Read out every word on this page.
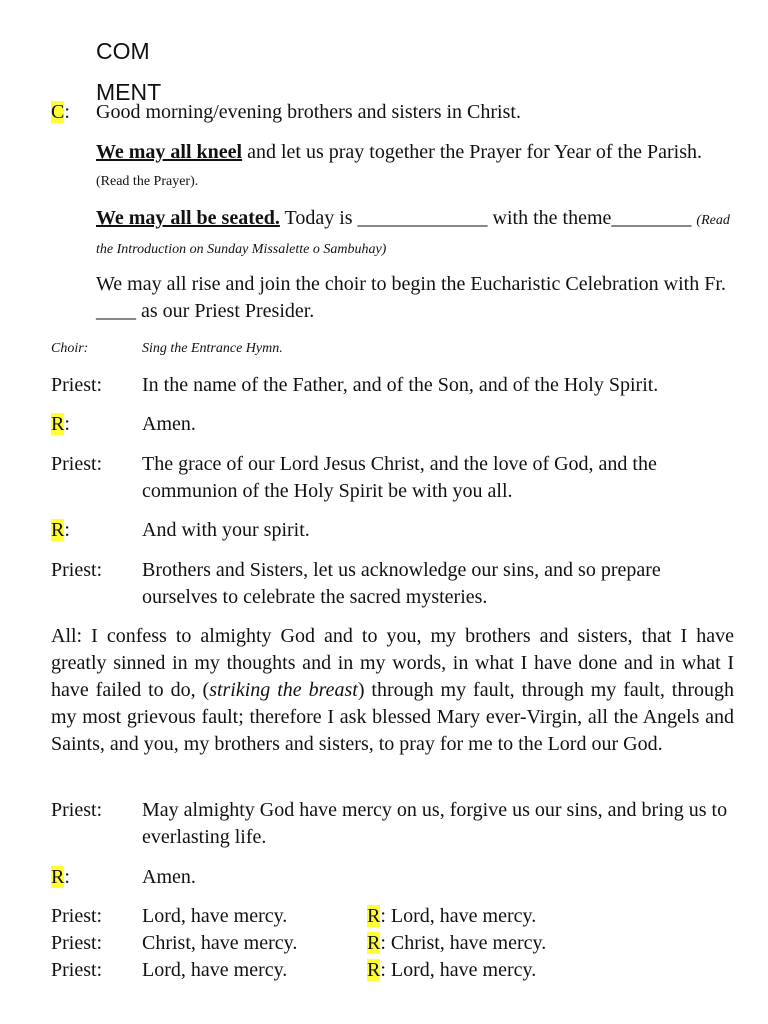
COM
MENT
C: Good morning/evening brothers and sisters in Christ.
We may all kneel and let us pray together the Prayer for Year of the Parish. (Read the Prayer).
We may all be seated. Today is _____________ with the theme________ (Read the Introduction on Sunday Missalette o Sambuhay)
We may all rise and join the choir to begin the Eucharistic Celebration with Fr. ____ as our Priest Presider.
Choir:	Sing the Entrance Hymn.
Priest: In the name of the Father, and of the Son, and of the Holy Spirit.
R:	Amen.
Priest: The grace of our Lord Jesus Christ, and the love of God, and the communion of the Holy Spirit be with you all.
R:	And with your spirit.
Priest: Brothers and Sisters, let us acknowledge our sins, and so prepare ourselves to celebrate the sacred mysteries.
All: I confess to almighty God and to you, my brothers and sisters, that I have greatly sinned in my thoughts and in my words, in what I have done and in what I have failed to do, (striking the breast) through my fault, through my fault, through my most grievous fault; therefore I ask blessed Mary ever-Virgin, all the Angels and Saints, and you, my brothers and sisters, to pray for me to the Lord our God.
Priest: May almighty God have mercy on us, forgive us our sins, and bring us to everlasting life.
R:	Amen.
Priest: Lord, have mercy.	R: Lord, have mercy.
Priest: Christ, have mercy.	R: Christ, have mercy.
Priest: Lord, have mercy.	R: Lord, have mercy.
